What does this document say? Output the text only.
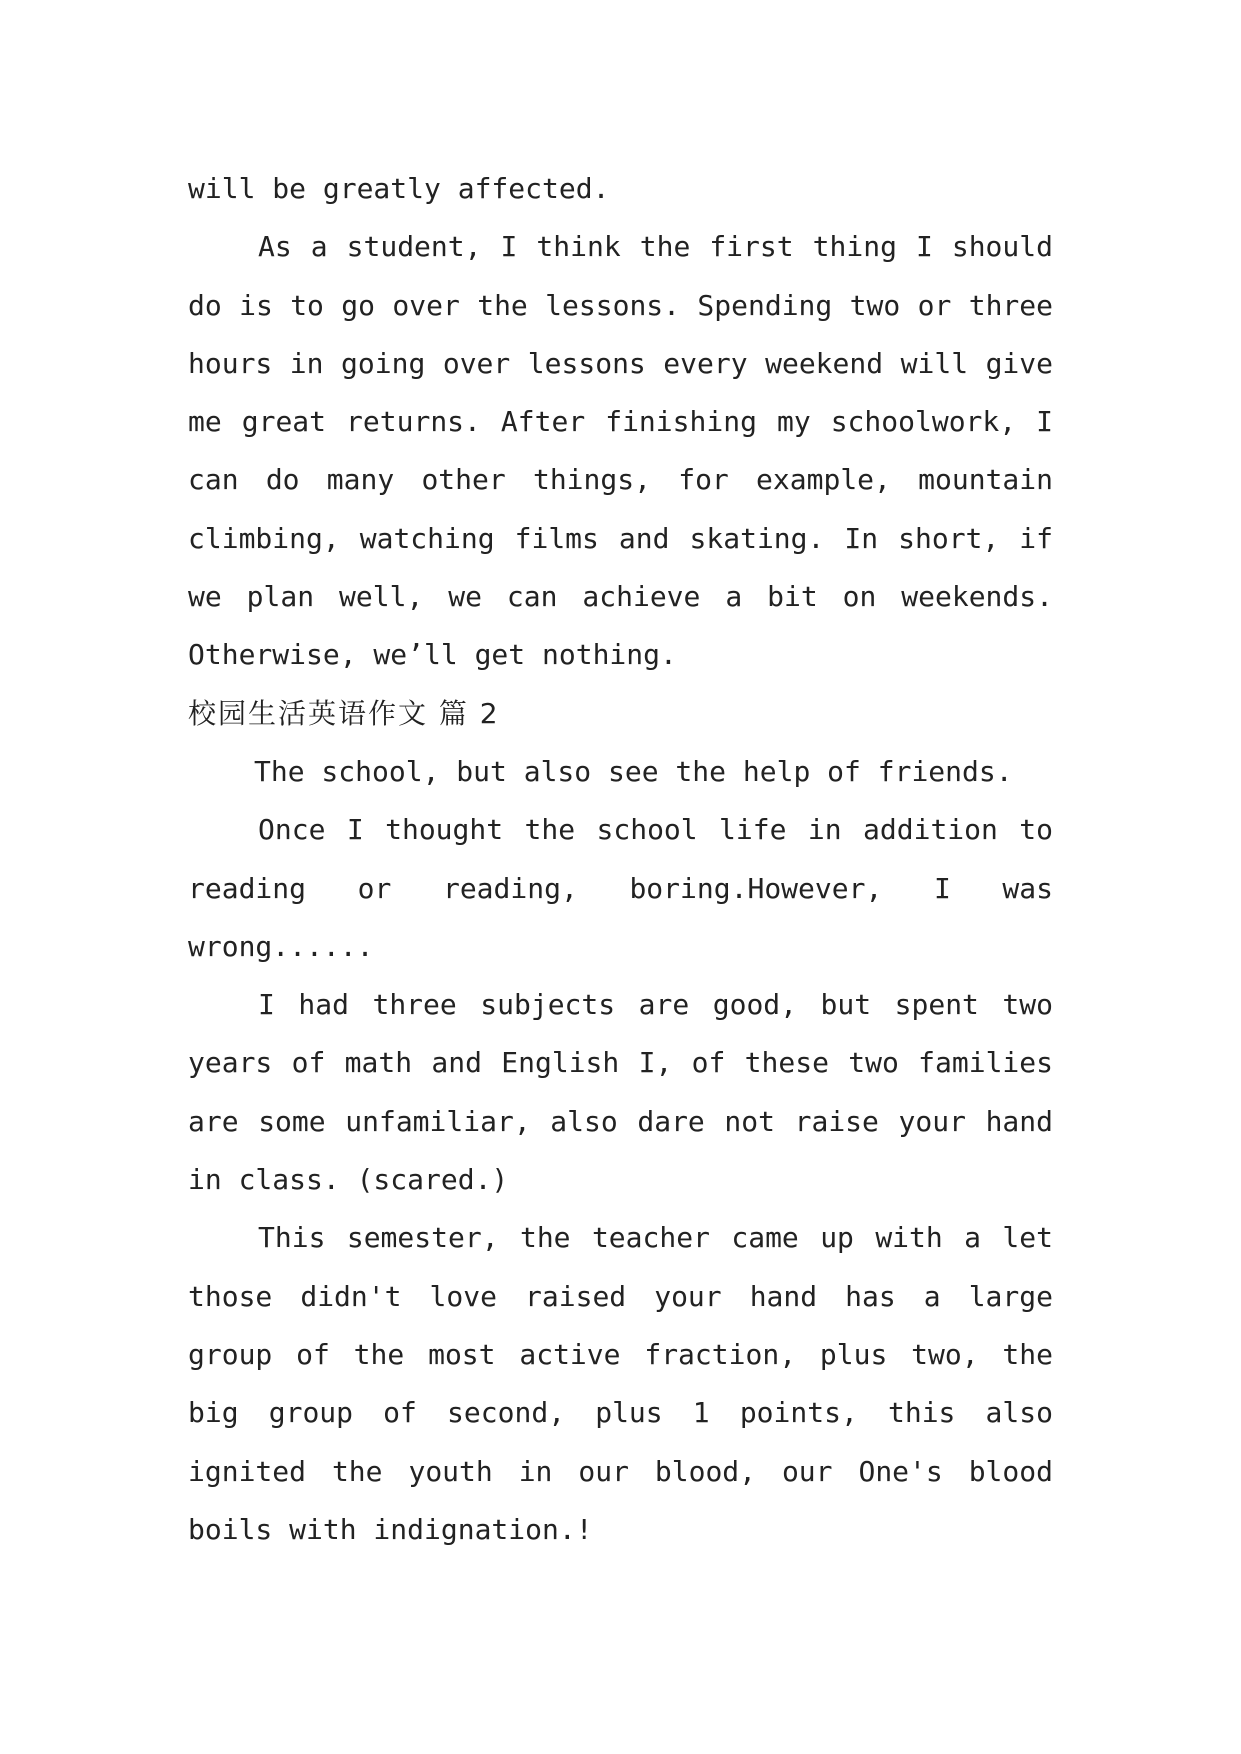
will be greatly affected.

As a student, I think the first thing I should do is to go over the lessons. Spending two or three hours in going over lessons every weekend will give me great returns. After finishing my schoolwork, I can do many other things, for example, mountain climbing, watching films and skating. In short, if we plan well, we can achieve a bit on weekends. Otherwise, we’ll get nothing.

校园生活英语作文 篇 2

The school, but also see the help of friends.

Once I thought the school life in addition to reading or reading, boring.However, I was wrong......

I had three subjects are good, but spent two years of math and English I, of these two families are some unfamiliar, also dare not raise your hand in class. (scared.)

This semester, the teacher came up with a let those didn't love raised your hand has a large group of the most active fraction, plus two, the big group of second, plus 1 points, this also ignited the youth in our blood, our One's blood boils with indignation.!
